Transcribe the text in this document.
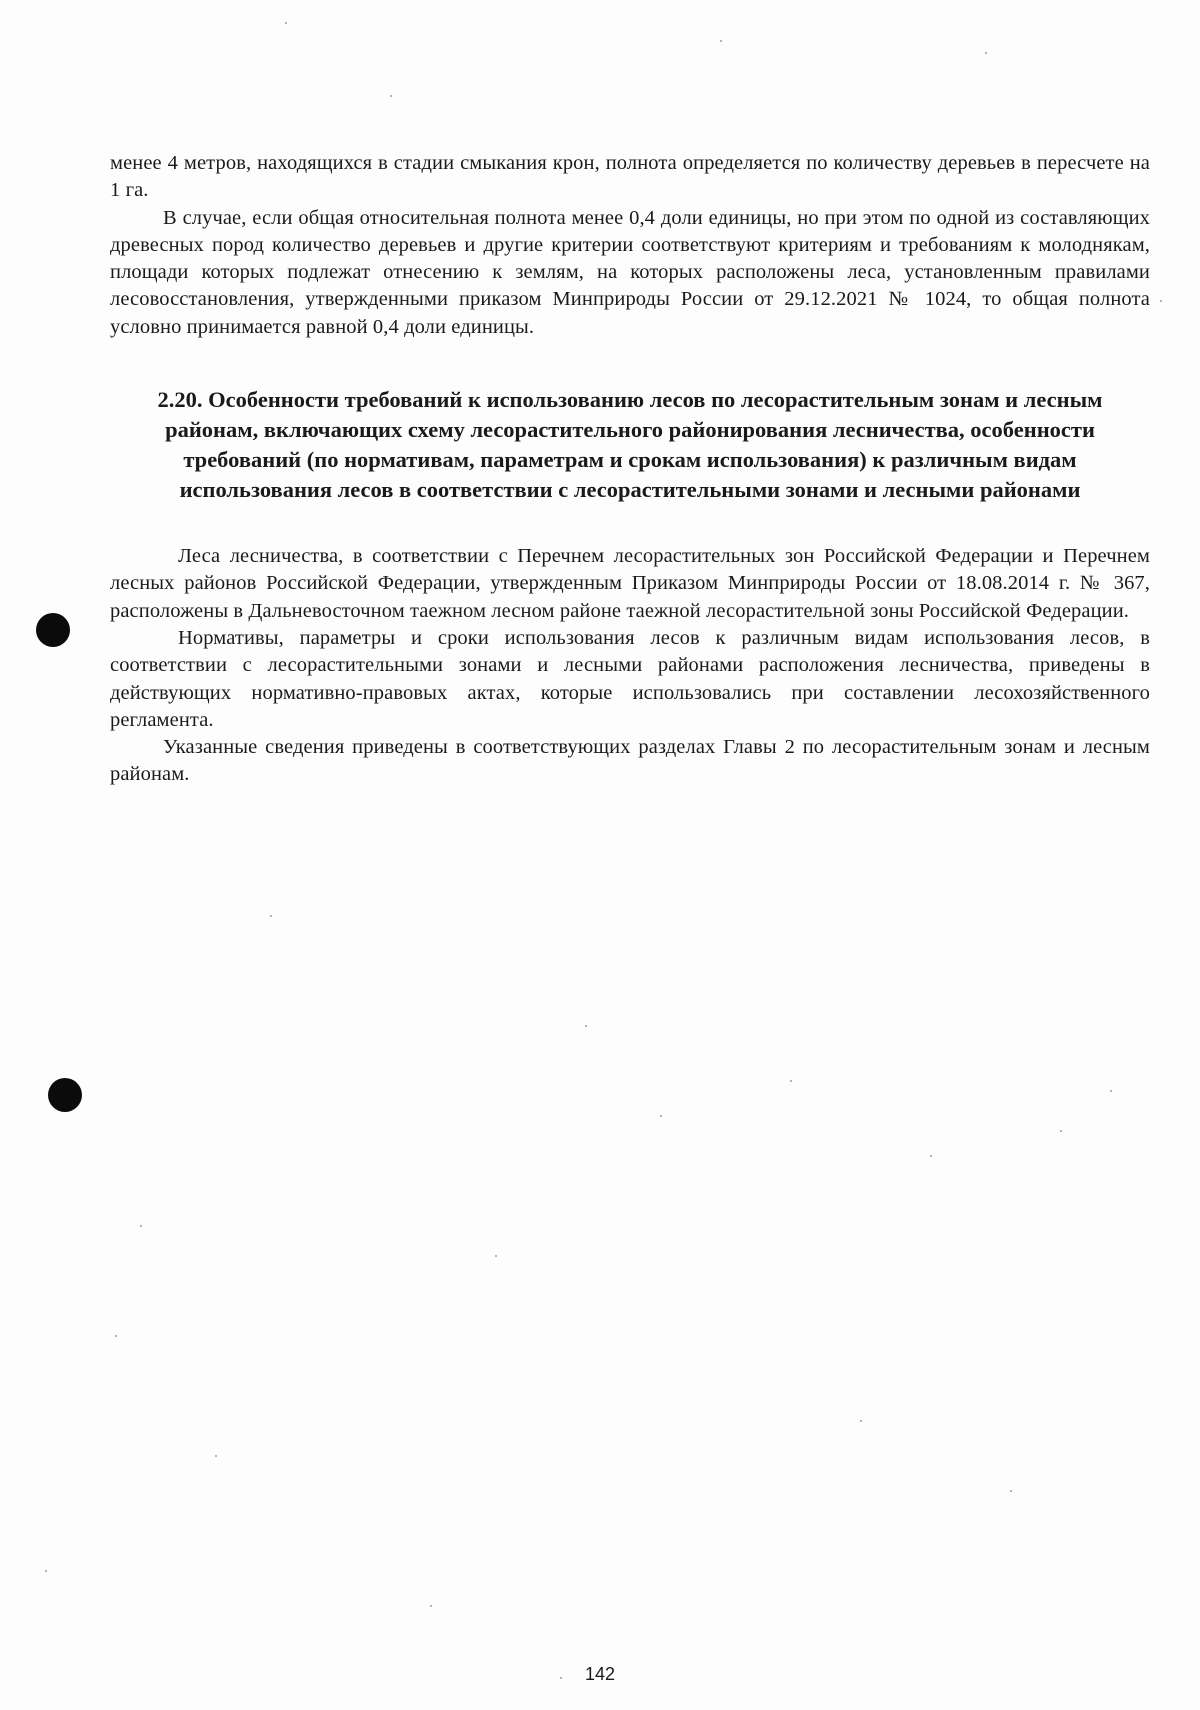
менее 4 метров, находящихся в стадии смыкания крон, полнота определяется по количеству деревьев в пересчете на 1 га.

В случае, если общая относительная полнота менее 0,4 доли единицы, но при этом по одной из составляющих древесных пород количество деревьев и другие критерии соответствуют критериям и требованиям к молоднякам, площади которых подлежат отнесению к землям, на которых расположены леса, установленным правилами лесовосстановления, утвержденными приказом Минприроды России от 29.12.2021 № 1024, то общая полнота условно принимается равной 0,4 доли единицы.

2.20. Особенности требований к использованию лесов по лесорастительным зонам и лесным районам, включающих схему лесорастительного районирования лесничества, особенности требований (по нормативам, параметрам и срокам использования) к различным видам использования лесов в соответствии с лесорастительными зонами и лесными районами

Леса лесничества, в соответствии с Перечнем лесорастительных зон Российской Федерации и Перечнем лесных районов Российской Федерации, утвержденным Приказом Минприроды России от 18.08.2014 г. № 367, расположены в Дальневосточном таежном лесном районе таежной лесорастительной зоны Российской Федерации.

Нормативы, параметры и сроки использования лесов к различным видам использования лесов, в соответствии с лесорастительными зонами и лесными районами расположения лесничества, приведены в действующих нормативно-правовых актах, которые использовались при составлении лесохозяйственного регламента.

Указанные сведения приведены в соответствующих разделах Главы 2 по лесорастительным зонам и лесным районам.

142
